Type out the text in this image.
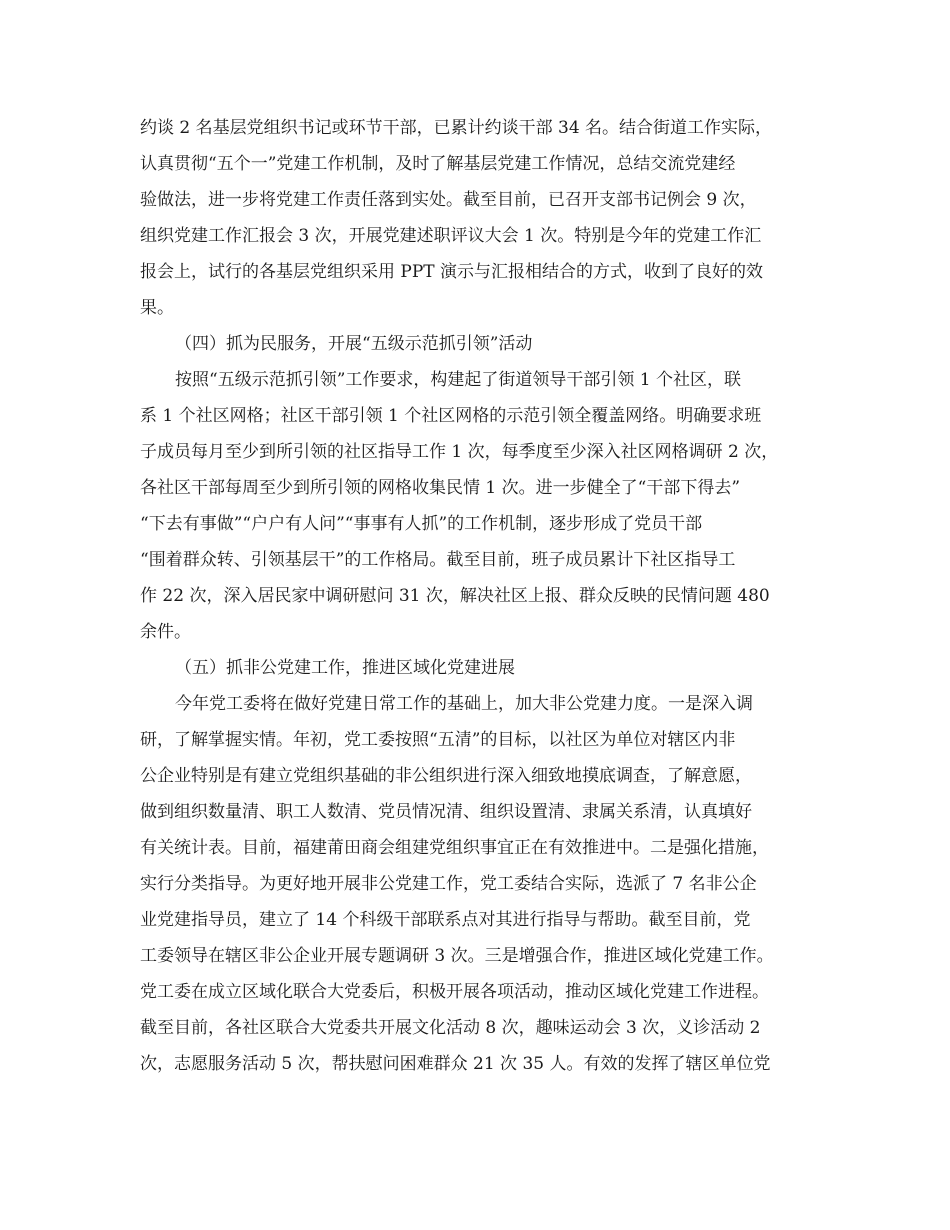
约谈 2 名基层党组织书记或环节干部，已累计约谈干部 34 名。结合街道工作实际，
认真贯彻“五个一”党建工作机制，及时了解基层党建工作情况，总结交流党建经
验做法，进一步将党建工作责任落到实处。截至目前，已召开支部书记例会 9 次，
组织党建工作汇报会 3 次，开展党建述职评议大会 1 次。特别是今年的党建工作汇
报会上，试行的各基层党组织采用 PPT 演示与汇报相结合的方式，收到了良好的效
果。
（四）抓为民服务，开展“五级示范抓引领”活动
按照“五级示范抓引领”工作要求，构建起了街道领导干部引领 1 个社区，联
系 1 个社区网格；社区干部引领 1 个社区网格的示范引领全覆盖网络。明确要求班
子成员每月至少到所引领的社区指导工作 1 次，每季度至少深入社区网格调研 2 次，
各社区干部每周至少到所引领的网格收集民情 1 次。进一步健全了“干部下得去”
“下去有事做”“户户有人问”“事事有人抓”的工作机制，逐步形成了党员干部
“围着群众转、引领基层干”的工作格局。截至目前，班子成员累计下社区指导工
作 22 次，深入居民家中调研慰问 31 次，解决社区上报、群众反映的民情问题 480
余件。
（五）抓非公党建工作，推进区域化党建进展
今年党工委将在做好党建日常工作的基础上，加大非公党建力度。一是深入调
研，了解掌握实情。年初，党工委按照“五清”的目标，以社区为单位对辖区内非
公企业特别是有建立党组织基础的非公组织进行深入细致地摸底调查，了解意愿，
做到组织数量清、职工人数清、党员情况清、组织设置清、隶属关系清，认真填好
有关统计表。目前，福建莆田商会组建党组织事宜正在有效推进中。二是强化措施，
实行分类指导。为更好地开展非公党建工作，党工委结合实际，选派了 7 名非公企
业党建指导员，建立了 14 个科级干部联系点对其进行指导与帮助。截至目前，党
工委领导在辖区非公企业开展专题调研 3 次。三是增强合作，推进区域化党建工作。
党工委在成立区域化联合大党委后，积极开展各项活动，推动区域化党建工作进程。
截至目前，各社区联合大党委共开展文化活动 8 次，趣味运动会 3 次，义诊活动 2
次，志愿服务活动 5 次，帮扶慰问困难群众 21 次 35 人。有效的发挥了辖区单位党
